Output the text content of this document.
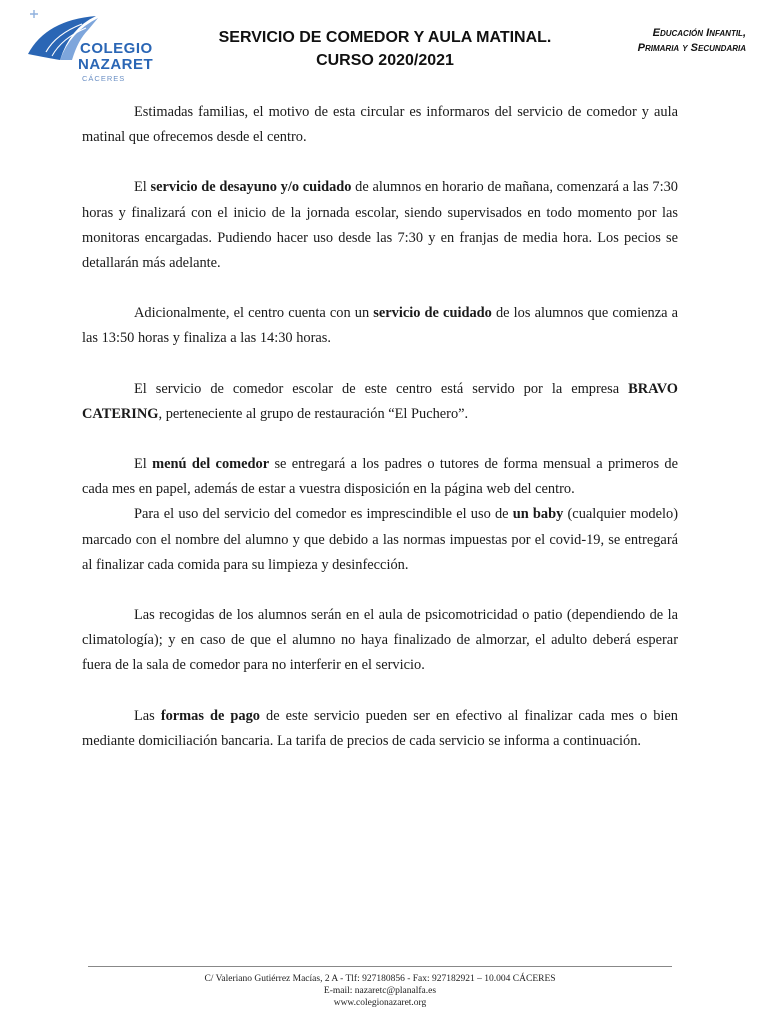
COLEGIO
NAZARET
CÁCERES
SERVICIO DE COMEDOR Y AULA MATINAL.
CURSO 2020/2021
Educación Infantil,
Primaria y Secundaria

Estimadas familias, el motivo de esta circular es informaros del servicio de comedor y aula matinal que ofrecemos desde el centro.

El servicio de desayuno y/o cuidado de alumnos en horario de mañana, comenzará a las 7:30 horas y finalizará con el inicio de la jornada escolar, siendo supervisados en todo momento por las monitoras encargadas. Pudiendo hacer uso desde las 7:30 y en franjas de media hora. Los pecios se detallarán más adelante.

Adicionalmente, el centro cuenta con un servicio de cuidado de los alumnos que comienza a las 13:50 horas y finaliza a las 14:30 horas.

El servicio de comedor escolar de este centro está servido por la empresa BRAVO CATERING, perteneciente al grupo de restauración “El Puchero”.

El menú del comedor se entregará a los padres o tutores de forma mensual a primeros de cada mes en papel, además de estar a vuestra disposición en la página web del centro.

Para el uso del servicio del comedor es imprescindible el uso de un baby (cualquier modelo) marcado con el nombre del alumno y que debido a las normas impuestas por el covid-19, se entregará al finalizar cada comida para su limpieza y desinfección.

Las recogidas de los alumnos serán en el aula de psicomotricidad o patio (dependiendo de la climatología); y en caso de que el alumno no haya finalizado de almorzar, el adulto deberá esperar fuera de la sala de comedor para no interferir en el servicio.

Las formas de pago de este servicio pueden ser en efectivo al finalizar cada mes o bien mediante domiciliación bancaria. La tarifa de precios de cada servicio se informa a continuación.

C/ Valeriano Gutiérrez Macías, 2 A - Tlf: 927180856 - Fax: 927182921 – 10.004 CÁCERES
E-mail: nazaretc@planalfa.es
www.colegionazaret.org
